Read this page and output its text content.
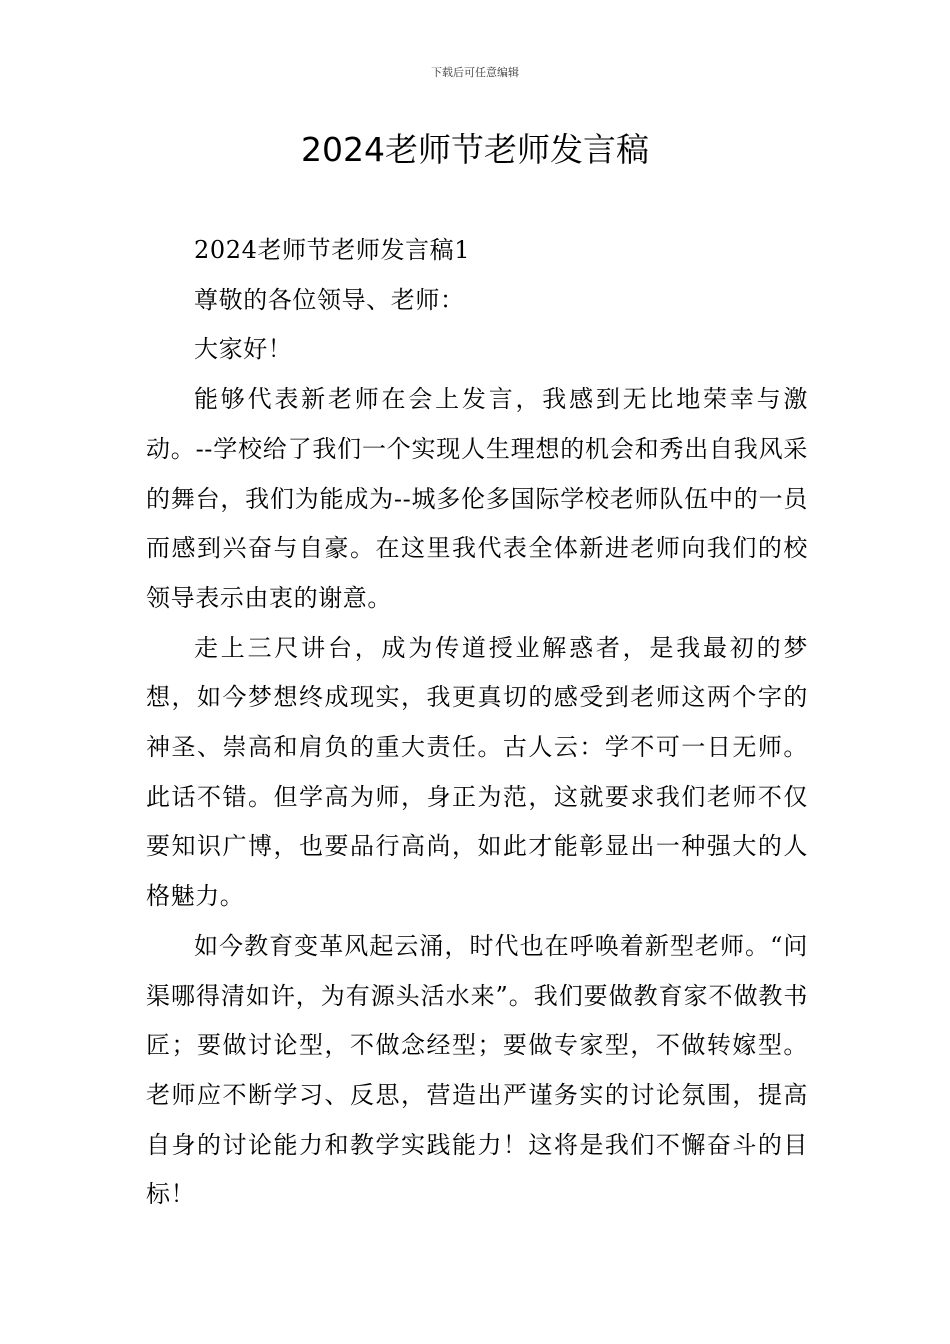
下载后可任意编辑
2024老师节老师发言稿

2024老师节老师发言稿1

尊敬的各位领导、老师：

大家好！

能够代表新老师在会上发言，我感到无比地荣幸与激动。--学校给了我们一个实现人生理想的机会和秀出自我风采的舞台，我们为能成为--城多伦多国际学校老师队伍中的一员而感到兴奋与自豪。在这里我代表全体新进老师向我们的校领导表示由衷的谢意。

走上三尺讲台，成为传道授业解惑者，是我最初的梦想，如今梦想终成现实，我更真切的感受到老师这两个字的神圣、崇高和肩负的重大责任。古人云：学不可一日无师。此话不错。但学高为师，身正为范，这就要求我们老师不仅要知识广博，也要品行高尚，如此才能彰显出一种强大的人格魅力。

如今教育变革风起云涌，时代也在呼唤着新型老师。“问渠哪得清如许，为有源头活水来”。我们要做教育家不做教书匠；要做讨论型，不做念经型；要做专家型，不做转嫁型。老师应不断学习、反思，营造出严谨务实的讨论氛围，提高自身的讨论能力和教学实践能力！这将是我们不懈奋斗的目标！
